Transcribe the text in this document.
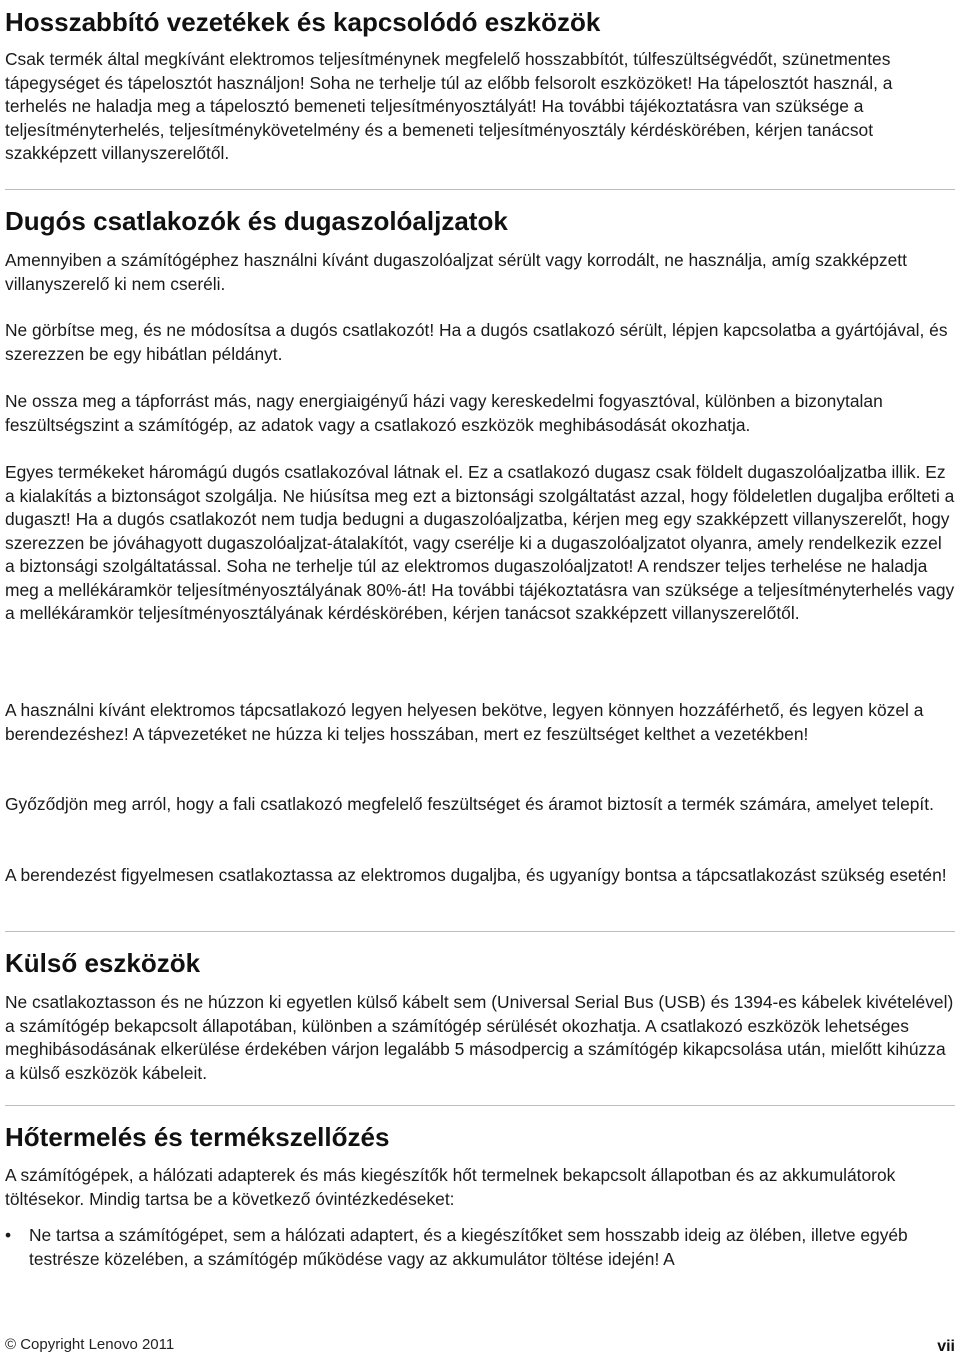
Hosszabbító vezetékek és kapcsolódó eszközök

Csak termék által megkívánt elektromos teljesítménynek megfelelő hosszabbítót, túlfeszültségvédőt, szünetmentes tápegységet és tápelosztót használjon! Soha ne terhelje túl az előbb felsorolt eszközöket! Ha tápelosztót használ, a terhelés ne haladja meg a tápelosztó bemeneti teljesítményosztályát! Ha további tájékoztatásra van szüksége a teljesítményterhelés, teljesítménykövetelmény és a bemeneti teljesítményosztály kérdéskörében, kérjen tanácsot szakképzett villanyszerelőtől.

Dugós csatlakozók és dugaszolóaljzatok

Amennyiben a számítógéphez használni kívánt dugaszolóaljzat sérült vagy korrodált, ne használja, amíg szakképzett villanyszerelő ki nem cseréli.

Ne görbítse meg, és ne módosítsa a dugós csatlakozót! Ha a dugós csatlakozó sérült, lépjen kapcsolatba a gyártójával, és szerezzen be egy hibátlan példányt.

Ne ossza meg a tápforrást más, nagy energiaigényű házi vagy kereskedelmi fogyasztóval, különben a bizonytalan feszültségszint a számítógép, az adatok vagy a csatlakozó eszközök meghibásodását okozhatja.

Egyes termékeket háromágú dugós csatlakozóval látnak el. Ez a csatlakozó dugasz csak földelt dugaszolóaljzatba illik. Ez a kialakítás a biztonságot szolgálja. Ne hiúsítsa meg ezt a biztonsági szolgáltatást azzal, hogy földeletlen dugaljba erőlteti a dugaszt! Ha a dugós csatlakozót nem tudja bedugni a dugaszolóaljzatba, kérjen meg egy szakképzett villanyszerelőt, hogy szerezzen be jóváhagyott dugaszolóaljzat-átalakítót, vagy cserélje ki a dugaszolóaljzatot olyanra, amely rendelkezik ezzel a biztonsági szolgáltatással. Soha ne terhelje túl az elektromos dugaszolóaljzatot! A rendszer teljes terhelése ne haladja meg a mellékáramkör teljesítményosztályának 80%-át! Ha további tájékoztatásra van szüksége a teljesítményterhelés vagy a mellékáramkör teljesítményosztályának kérdéskörében, kérjen tanácsot szakképzett villanyszerelőtől.

A használni kívánt elektromos tápcsatlakozó legyen helyesen bekötve, legyen könnyen hozzáférhető, és legyen közel a berendezéshez! A tápvezetéket ne húzza ki teljes hosszában, mert ez feszültséget kelthet a vezetékben!

Győződjön meg arról, hogy a fali csatlakozó megfelelő feszültséget és áramot biztosít a termék számára, amelyet telepít.

A berendezést figyelmesen csatlakoztassa az elektromos dugaljba, és ugyanígy bontsa a tápcsatlakozást szükség esetén!

Külső eszközök

Ne csatlakoztasson és ne húzzon ki egyetlen külső kábelt sem (Universal Serial Bus (USB) és 1394-es kábelek kivételével) a számítógép bekapcsolt állapotában, különben a számítógép sérülését okozhatja. A csatlakozó eszközök lehetséges meghibásodásának elkerülése érdekében várjon legalább 5 másodpercig a számítógép kikapcsolása után, mielőtt kihúzza a külső eszközök kábeleit.

Hőtermelés és termékszellőzés

A számítógépek, a hálózati adapterek és más kiegészítők hőt termelnek bekapcsolt állapotban és az akkumulátorok töltésekor. Mindig tartsa be a következő óvintézkedéseket:

• Ne tartsa a számítógépet, sem a hálózati adaptert, és a kiegészítőket sem hosszabb ideig az ölében, illetve egyéb testrésze közelében, a számítógép működése vagy az akkumulátor töltése idején! A
© Copyright Lenovo 2011	vii
